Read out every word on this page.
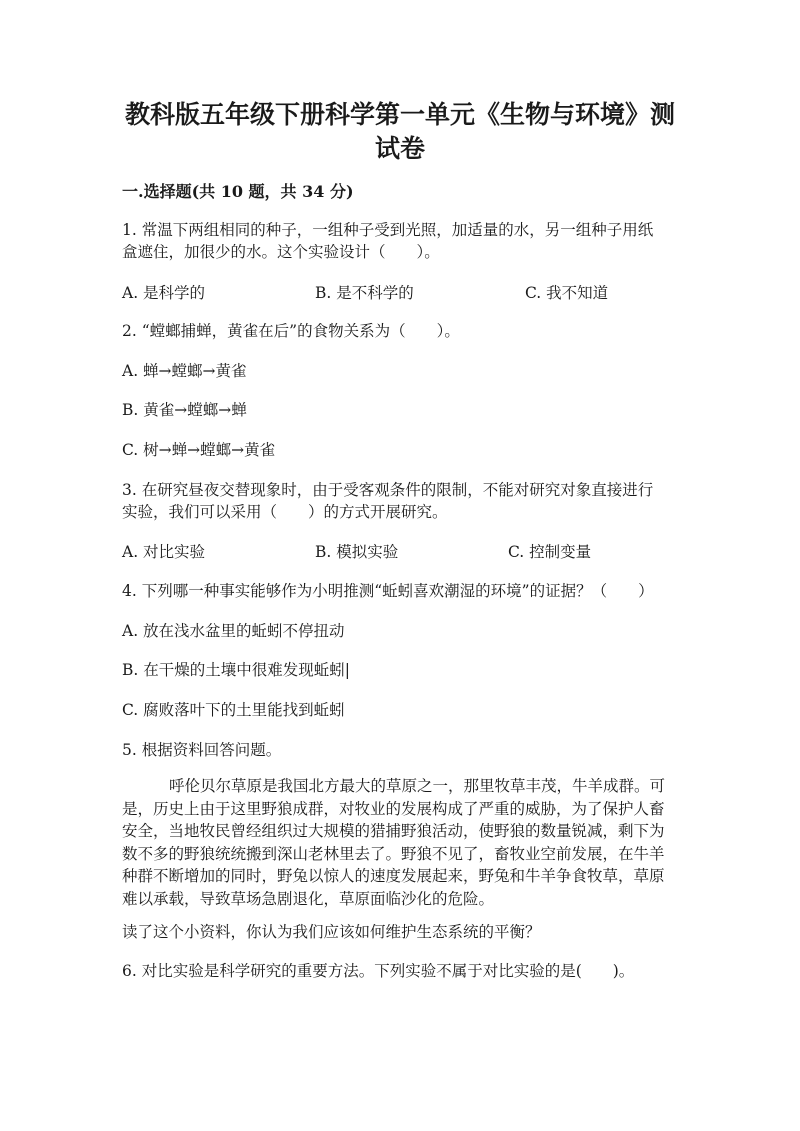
教科版五年级下册科学第一单元《生物与环境》测
试卷
一.选择题(共 10 题，共 34 分)
1. 常温下两组相同的种子，一组种子受到光照，加适量的水，另一组种子用纸
盒遮住，加很少的水。这个实验设计（　　）。
A. 是科学的	B. 是不科学的	C. 我不知道
2. “螳螂捕蝉，黄雀在后”的食物关系为（　　）。
A. 蝉→螳螂→黄雀
B. 黄雀→螳螂→蝉
C. 树→蝉→螳螂→黄雀
3. 在研究昼夜交替现象时，由于受客观条件的限制，不能对研究对象直接进行
实验，我们可以采用（　　）的方式开展研究。
A. 对比实验	B. 模拟实验	C. 控制变量
4. 下列哪一种事实能够作为小明推测“蚯蚓喜欢潮湿的环境”的证据？（　　）
A. 放在浅水盆里的蚯蚓不停扭动
B. 在干燥的土壤中很难发现蚯蚓|
C. 腐败落叶下的土里能找到蚯蚓
5. 根据资料回答问题。
呼伦贝尔草原是我国北方最大的草原之一，那里牧草丰茂，牛羊成群。可是，历史上由于这里野狼成群，对牧业的发展构成了严重的威胁，为了保护人畜安全，当地牧民曾经组织过大规模的猎捕野狼活动，使野狼的数量锐减，剩下为数不多的野狼统统搬到深山老林里去了。野狼不见了，畜牧业空前发展，在牛羊种群不断增加的同时，野兔以惊人的速度发展起来，野兔和牛羊争食牧草，草原难以承载，导致草场急剧退化，草原面临沙化的危险。
读了这个小资料，你认为我们应该如何维护生态系统的平衡？
6. 对比实验是科学研究的重要方法。下列实验不属于对比实验的是(　　)。
